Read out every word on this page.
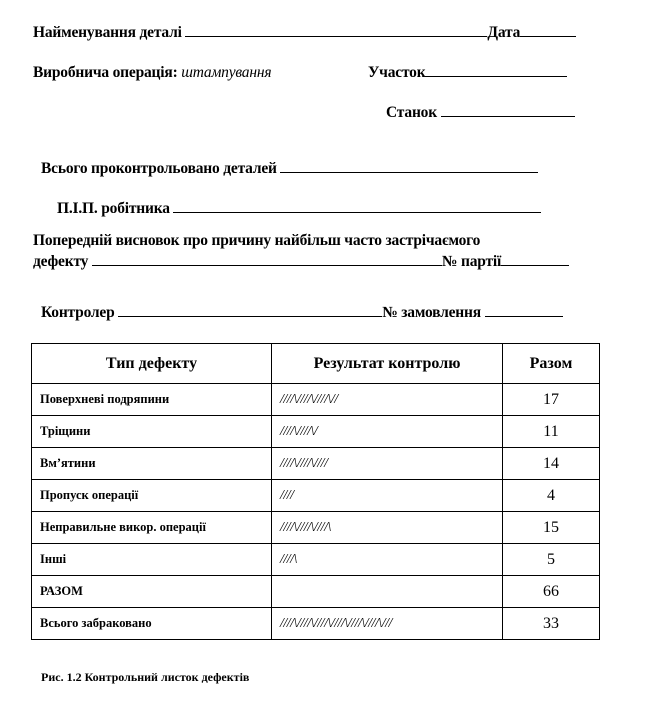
Найменування деталі	Дата
Виробнича операція: штампування	Участок
Станок
Всього проконтрольовано деталей
П.І.П. робітника
Попередній висновок про причину найбільш часто застрічаємого
дефекту	№ партії
Контролер	№ замовлення
Тип дефекту	Результат контролю	Разом
Поверхневі подряпини	////\////\////\//	17
Тріщини	////\////\/	11
Вм’ятини	////\////\////	14
Пропуск операції	////	4
Неправильне викор. операції	////\////\////\	15
Інші	////\	5
РАЗОМ		66
Всього забраковано	////\////\////\////\////\////\///	33
Рис. 1.2 Контрольний листок дефектів
